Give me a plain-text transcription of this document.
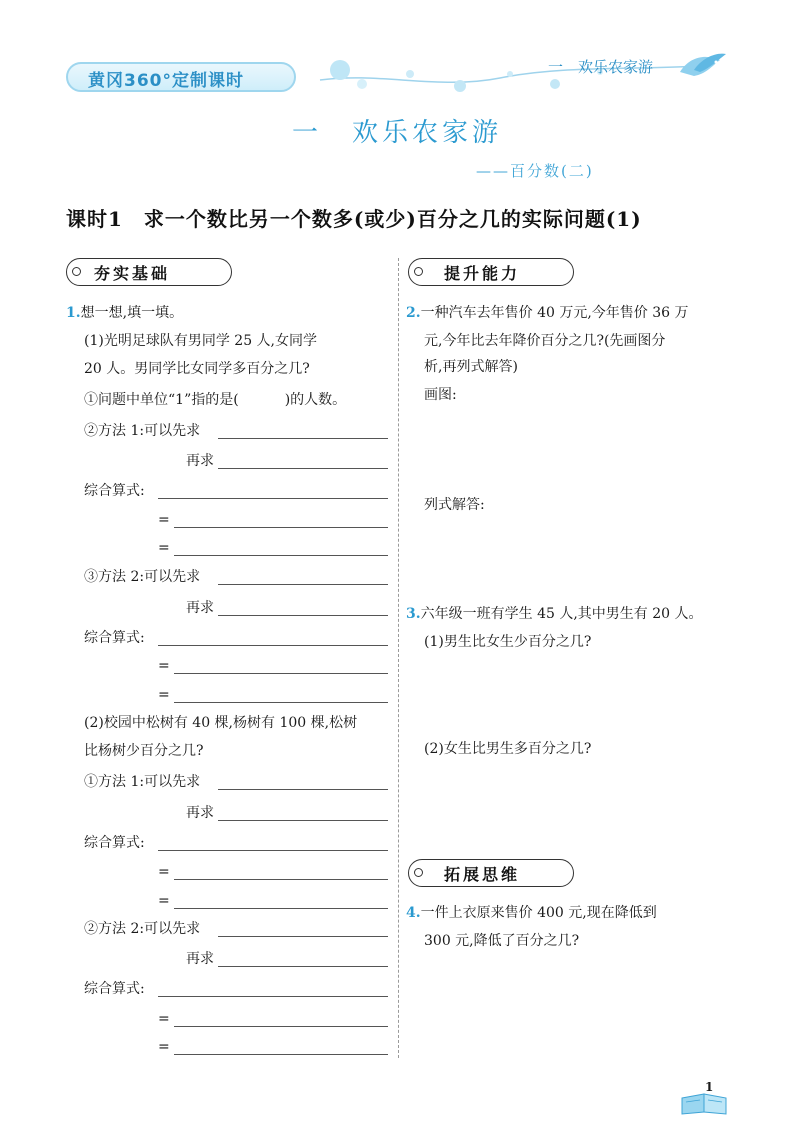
黄冈360°定制课时
一　欢乐农家游
一　欢乐农家游
——百分数(二)
课时1　求一个数比另一个数多(或少)百分之几的实际问题(1)
夯实基础
1.想一想,填一填。
(1)光明足球队有男同学 25 人,女同学
20 人。男同学比女同学多百分之几?
①问题中单位“1”指的是(	)的人数。
②方法 1:可以先求
再求
综合算式:
=
=
③方法 2:可以先求
再求
综合算式:
=
=
(2)校园中松树有 40 棵,杨树有 100 棵,松树
比杨树少百分之几?
①方法 1:可以先求
再求
综合算式:
=
=
②方法 2:可以先求
再求
综合算式:
=
=
提升能力
2.一种汽车去年售价 40 万元,今年售价 36 万
元,今年比去年降价百分之几?(先画图分
析,再列式解答)
画图:
列式解答:
3.六年级一班有学生 45 人,其中男生有 20 人。
(1)男生比女生少百分之几?
(2)女生比男生多百分之几?
拓展思维
4.一件上衣原来售价 400 元,现在降低到
300 元,降低了百分之几?
1
